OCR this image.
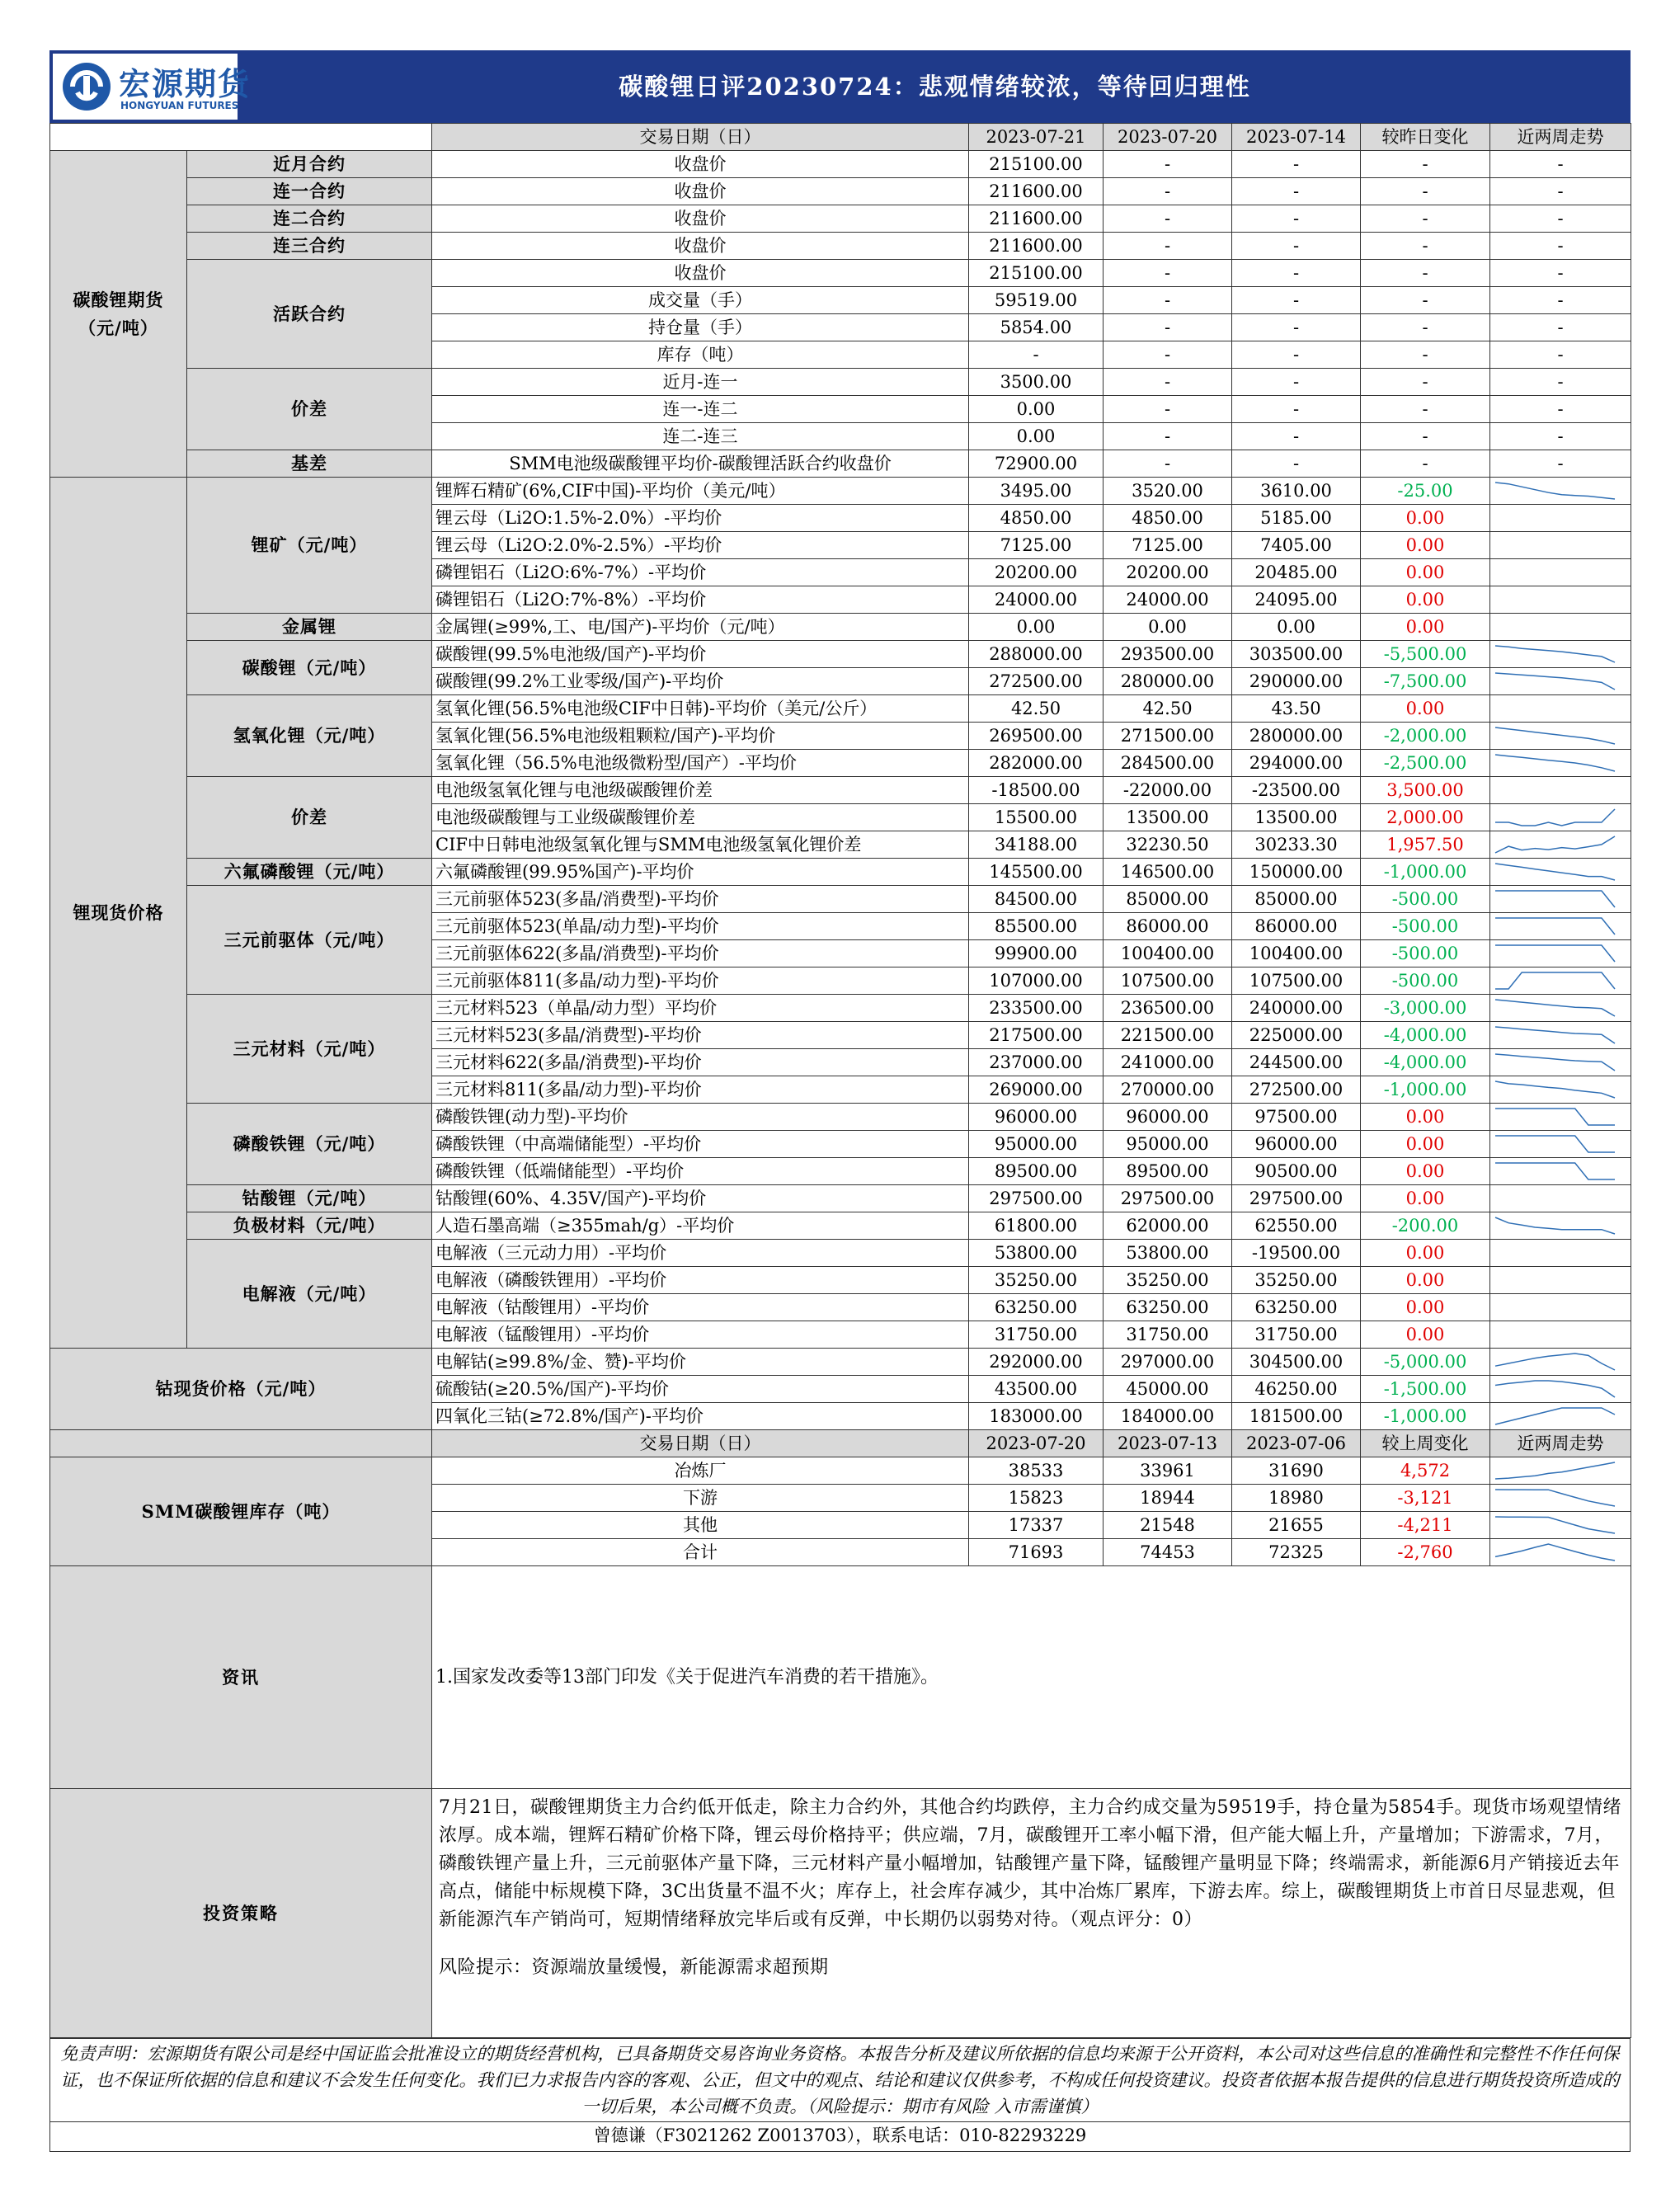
宏源期货
HONGYUAN FUTURES
碳酸锂日评20230724：悲观情绪较浓，等待回归理性
		交易日期（日）	2023-07-21	2023-07-20	2023-07-14	较昨日变化	近两周走势
碳酸锂期货（元/吨）	近月合约	收盘价	215100.00	-	-	-	-
	连一合约	收盘价	211600.00	-	-	-	-
	连二合约	收盘价	211600.00	-	-	-	-
	连三合约	收盘价	211600.00	-	-	-	-
	活跃合约	收盘价	215100.00	-	-	-	-
		成交量（手）	59519.00	-	-	-	-
		持仓量（手）	5854.00	-	-	-	-
		库存（吨）	-	-	-	-	-
	价差	近月-连一	3500.00	-	-	-	-
		连一-连二	0.00	-	-	-	-
		连二-连三	0.00	-	-	-	-
	基差	SMM电池级碳酸锂平均价-碳酸锂活跃合约收盘价	72900.00	-	-	-	-
锂现货价格	锂矿（元/吨）	锂辉石精矿(6%,CIF中国)-平均价（美元/吨）	3495.00	3520.00	3610.00	-25.00	

		锂云母（Li2O:1.5%-2.0%）-平均价	4850.00	4850.00	5185.00	0.00	
		锂云母（Li2O:2.0%-2.5%）-平均价	7125.00	7125.00	7405.00	0.00	
		磷锂铝石（Li2O:6%-7%）-平均价	20200.00	20200.00	20485.00	0.00	
		磷锂铝石（Li2O:7%-8%）-平均价	24000.00	24000.00	24095.00	0.00	
	金属锂	金属锂(≥99%,工、电/国产)-平均价（元/吨）	0.00	0.00	0.00	0.00	
	碳酸锂（元/吨）	碳酸锂(99.5%电池级/国产)-平均价	288000.00	293500.00	303500.00	-5,500.00	

		碳酸锂(99.2%工业零级/国产)-平均价	272500.00	280000.00	290000.00	-7,500.00	

	氢氧化锂（元/吨）	氢氧化锂(56.5%电池级CIF中日韩)-平均价（美元/公斤）	42.50	42.50	43.50	0.00	
		氢氧化锂(56.5%电池级粗颗粒/国产)-平均价	269500.00	271500.00	280000.00	-2,000.00	

		氢氧化锂（56.5%电池级微粉型/国产）-平均价	282000.00	284500.00	294000.00	-2,500.00	

	价差	电池级氢氧化锂与电池级碳酸锂价差	-18500.00	-22000.00	-23500.00	3,500.00	
		电池级碳酸锂与工业级碳酸锂价差	15500.00	13500.00	13500.00	2,000.00	

		CIF中日韩电池级氢氧化锂与SMM电池级氢氧化锂价差	34188.00	32230.50	30233.30	1,957.50	

	六氟磷酸锂（元/吨）	六氟磷酸锂(99.95%国产)-平均价	145500.00	146500.00	150000.00	-1,000.00	

	三元前驱体（元/吨）	三元前驱体523(多晶/消费型)-平均价	84500.00	85000.00	85000.00	-500.00	

		三元前驱体523(单晶/动力型)-平均价	85500.00	86000.00	86000.00	-500.00	

		三元前驱体622(多晶/消费型)-平均价	99900.00	100400.00	100400.00	-500.00	

		三元前驱体811(多晶/动力型)-平均价	107000.00	107500.00	107500.00	-500.00	

	三元材料（元/吨）	三元材料523（单晶/动力型）平均价	233500.00	236500.00	240000.00	-3,000.00	

		三元材料523(多晶/消费型)-平均价	217500.00	221500.00	225000.00	-4,000.00	

		三元材料622(多晶/消费型)-平均价	237000.00	241000.00	244500.00	-4,000.00	

		三元材料811(多晶/动力型)-平均价	269000.00	270000.00	272500.00	-1,000.00	

	磷酸铁锂（元/吨）	磷酸铁锂(动力型)-平均价	96000.00	96000.00	97500.00	0.00	

		磷酸铁锂（中高端储能型）-平均价	95000.00	95000.00	96000.00	0.00	

		磷酸铁锂（低端储能型）-平均价	89500.00	89500.00	90500.00	0.00	

	钴酸锂（元/吨）	钴酸锂(60%、4.35V/国产)-平均价	297500.00	297500.00	297500.00	0.00	
	负极材料（元/吨）	人造石墨高端（≥355mah/g）-平均价	61800.00	62000.00	62550.00	-200.00	

	电解液（元/吨）	电解液（三元动力用）-平均价	53800.00	53800.00	-19500.00	0.00	
		电解液（磷酸铁锂用）-平均价	35250.00	35250.00	35250.00	0.00	
		电解液（钴酸锂用）-平均价	63250.00	63250.00	63250.00	0.00	
		电解液（锰酸锂用）-平均价	31750.00	31750.00	31750.00	0.00	
钴现货价格（元/吨）		电解钴(≥99.8%/金、赞)-平均价	292000.00	297000.00	304500.00	-5,000.00	

		硫酸钴(≥20.5%/国产)-平均价	43500.00	45000.00	46250.00	-1,500.00	

		四氧化三钴(≥72.8%/国产)-平均价	183000.00	184000.00	181500.00	-1,000.00	

		交易日期（日）	2023-07-20	2023-07-13	2023-07-06	较上周变化	近两周走势
SMM碳酸锂库存（吨）		冶炼厂	38533	33961	31690	4,572	

		下游	15823	18944	18980	-3,121	

		其他	17337	21548	21655	-4,211	

		合计	71693	74453	72325	-2,760	

资讯		1.国家发改委等13部门印发《关于促进汽车消费的若干措施》。					
投资策略		7月21日，碳酸锂期货主力合约低开低走，除主力合约外，其他合约均跌停，主力合约成交量为59519手，持仓量为5854手。现货市场观望情绪浓厚。成本端，锂辉石精矿价格下降，锂云母价格持平；供应端，7月，碳酸锂开工率小幅下滑，但产能大幅上升，产量增加；下游需求，7月，磷酸铁锂产量上升，三元前驱体产量下降，三元材料产量小幅增加，钴酸锂产量下降，锰酸锂产量明显下降；终端需求，新能源6月产销接近去年高点，储能中标规模下降，3C出货量不温不火；库存上，社会库存减少，其中冶炼厂累库，下游去库。综上，碳酸锂期货上市首日尽显悲观，但新能源汽车产销尚可，短期情绪释放完毕后或有反弹，中长期仍以弱势对待。（观点评分：0）
风险提示：资源端放量缓慢，新能源需求超预期					
免责声明：宏源期货有限公司是经中国证监会批准设立的期货经营机构，已具备期货交易咨询业务资格。本报告分析及建议所依据的信息均来源于公开资料，本公司对这些信息的准确性和完整性不作任何保证，也不保证所依据的信息和建议不会发生任何变化。我们已力求报告内容的客观、公正，但文中的观点、结论和建议仅供参考，不构成任何投资建议。投资者依据本报告提供的信息进行期货投资所造成的一切后果，本公司概不负责。（风险提示：期市有风险 入市需谨慎）
曾德谦（F3021262 Z0013703），联系电话：010-82293229
